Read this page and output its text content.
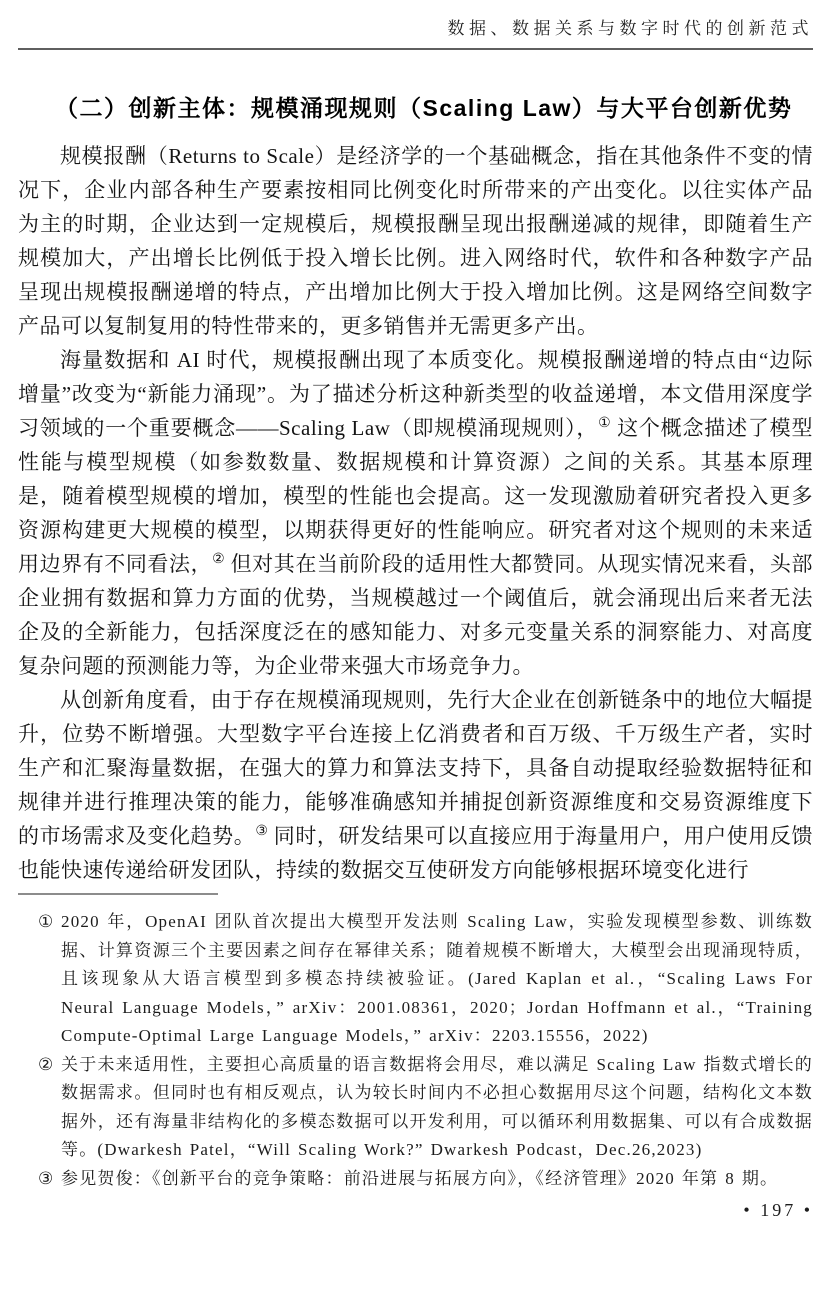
数据、数据关系与数字时代的创新范式
（二）创新主体：规模涌现规则（Scaling Law）与大平台创新优势

规模报酬（Returns to Scale）是经济学的一个基础概念，指在其他条件不变的情况下，企业内部各种生产要素按相同比例变化时所带来的产出变化。以往实体产品为主的时期，企业达到一定规模后，规模报酬呈现出报酬递减的规律，即随着生产规模加大，产出增长比例低于投入增长比例。进入网络时代，软件和各种数字产品呈现出规模报酬递增的特点，产出增加比例大于投入增加比例。这是网络空间数字产品可以复制复用的特性带来的，更多销售并无需更多产出。

海量数据和 AI 时代，规模报酬出现了本质变化。规模报酬递增的特点由“边际增量”改变为“新能力涌现”。为了描述分析这种新类型的收益递增，本文借用深度学习领域的一个重要概念——Scaling Law（即规模涌现规则），① 这个概念描述了模型性能与模型规模（如参数数量、数据规模和计算资源）之间的关系。其基本原理是，随着模型规模的增加，模型的性能也会提高。这一发现激励着研究者投入更多资源构建更大规模的模型，以期获得更好的性能响应。研究者对这个规则的未来适用边界有不同看法，② 但对其在当前阶段的适用性大都赞同。从现实情况来看，头部企业拥有数据和算力方面的优势，当规模越过一个阈值后，就会涌现出后来者无法企及的全新能力，包括深度泛在的感知能力、对多元变量关系的洞察能力、对高度复杂问题的预测能力等，为企业带来强大市场竞争力。

从创新角度看，由于存在规模涌现规则，先行大企业在创新链条中的地位大幅提升，位势不断增强。大型数字平台连接上亿消费者和百万级、千万级生产者，实时生产和汇聚海量数据，在强大的算力和算法支持下，具备自动提取经验数据特征和规律并进行推理决策的能力，能够准确感知并捕捉创新资源维度和交易资源维度下的市场需求及变化趋势。③ 同时，研发结果可以直接应用于海量用户，用户使用反馈也能快速传递给研发团队，持续的数据交互使研发方向能够根据环境变化进行

① 2020 年，OpenAI 团队首次提出大模型开发法则 Scaling Law，实验发现模型参数、训练数据、计算资源三个主要因素之间存在幂律关系；随着规模不断增大，大模型会出现涌现特质，且该现象从大语言模型到多模态持续被验证。(Jared Kaplan et al.，“Scaling Laws For Neural Language Models，” arXiv：2001.08361，2020；Jordan Hoffmann et al.，“Training Compute-Optimal Large Language Models，” arXiv：2203.15556，2022)
② 关于未来适用性，主要担心高质量的语言数据将会用尽，难以满足 Scaling Law 指数式增长的数据需求。但同时也有相反观点，认为较长时间内不必担心数据用尽这个问题，结构化文本数据外，还有海量非结构化的多模态数据可以开发利用，可以循环利用数据集、可以有合成数据等。(Dwarkesh Patel，“Will Scaling Work?” Dwarkesh Podcast，Dec.26,2023)
③ 参见贺俊：《创新平台的竞争策略：前沿进展与拓展方向》，《经济管理》2020 年第 8 期。
• 197 •
